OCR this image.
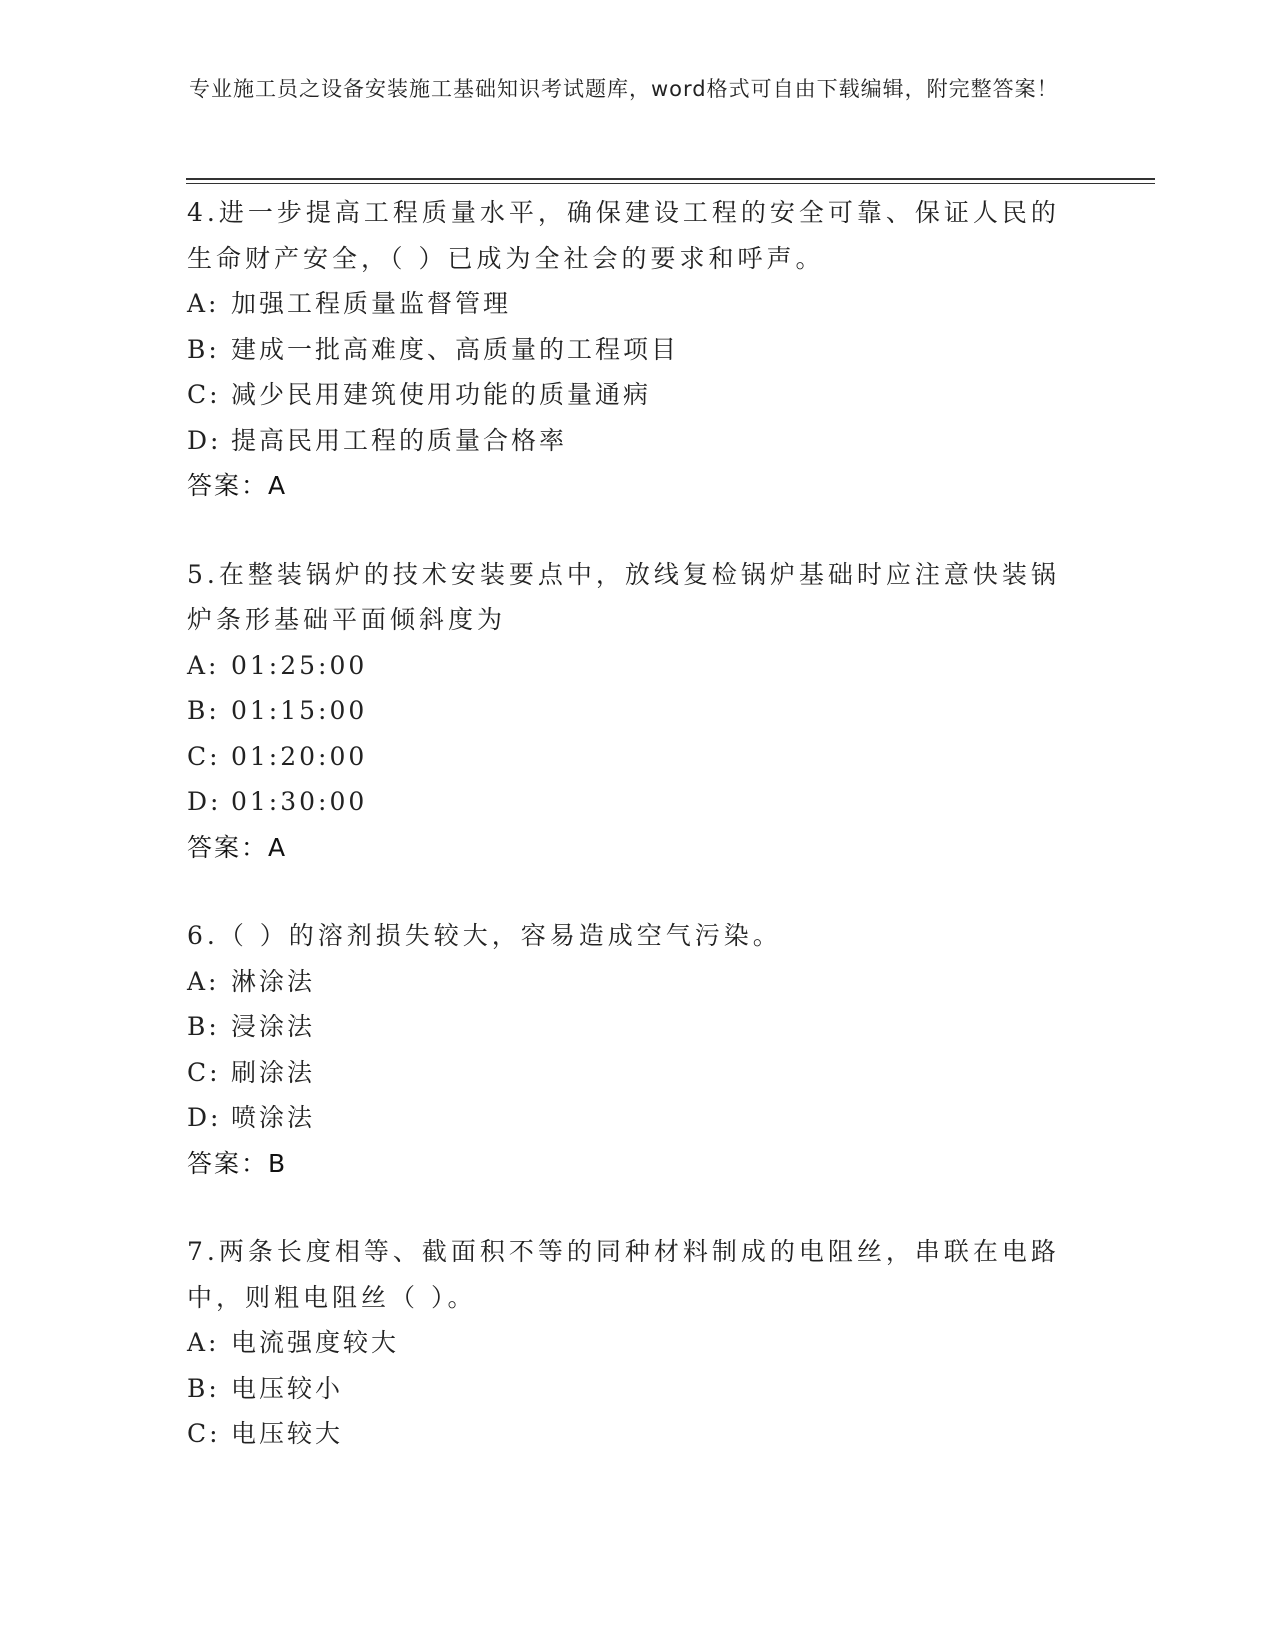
专业施工员之设备安装施工基础知识考试题库，word格式可自由下载编辑，附完整答案！
4.进一步提高工程质量水平，确保建设工程的安全可靠、保证人民的生命财产安全，（ ）已成为全社会的要求和呼声。
A: 加强工程质量监督管理
B: 建成一批高难度、高质量的工程项目
C: 减少民用建筑使用功能的质量通病
D: 提高民用工程的质量合格率
答案：A
5.在整装锅炉的技术安装要点中，放线复检锅炉基础时应注意快装锅炉条形基础平面倾斜度为
A: 01:25:00
B: 01:15:00
C: 01:20:00
D: 01:30:00
答案：A
6.（ ）的溶剂损失较大，容易造成空气污染。
A: 淋涂法
B: 浸涂法
C: 刷涂法
D: 喷涂法
答案：B
7.两条长度相等、截面积不等的同种材料制成的电阻丝，串联在电路中，则粗电阻丝（ ）。
A: 电流强度较大
B: 电压较小
C: 电压较大
